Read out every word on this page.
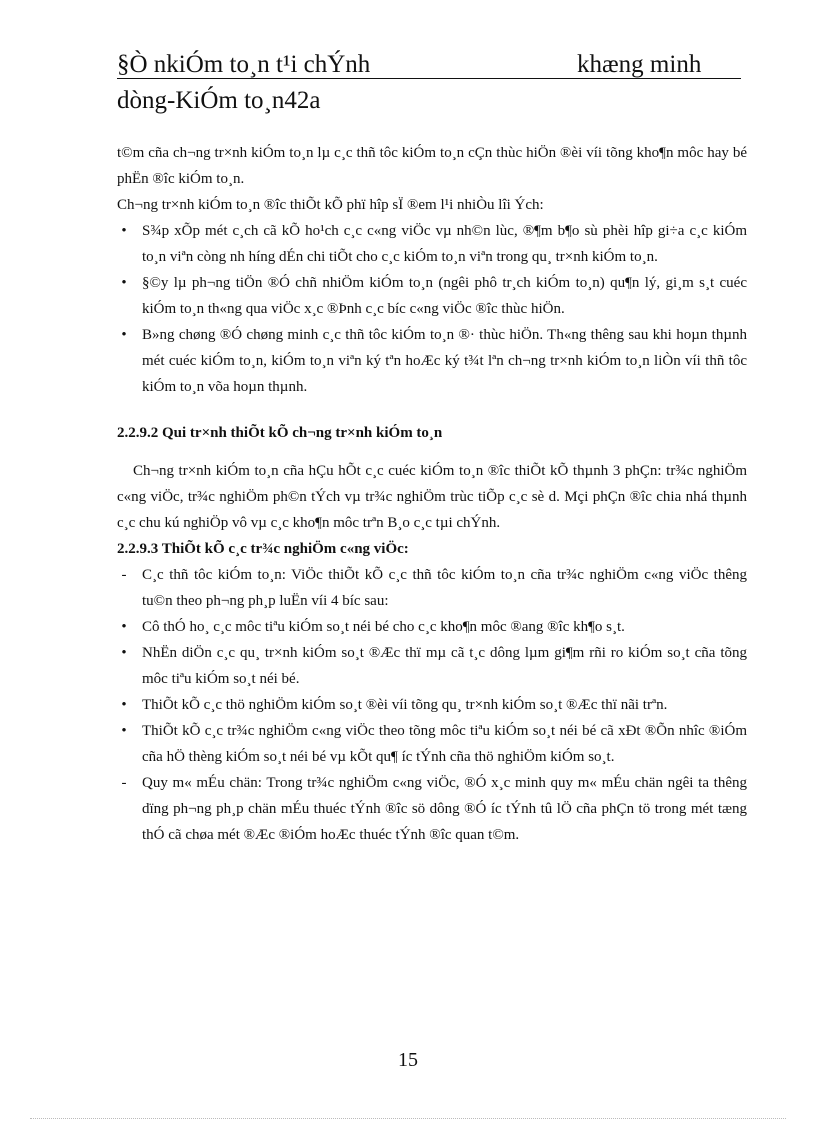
§Ò nkiÓm to¸n t¹i chÝnh	khæng minh
dòng-KiÓm to¸n42a

t©m cña ch¬ng tr×nh kiÓm to¸n lµ c¸c thñ tôc kiÓm to¸n cÇn thùc hiÖn ®èi víi tõng kho¶n môc hay bé phËn ®îc kiÓm to¸n.

Ch¬ng tr×nh kiÓm to¸n ®îc thiÕt kÕ phï hîp sÏ ®em l¹i nhiÒu lîi Ých:

• S¾p xÕp mét c¸ch cã kÕ ho¹ch c¸c c«ng viÖc vµ nh©n lùc, ®¶m b¶o sù phèi hîp gi÷a c¸c kiÓm to¸n viªn còng nh híng dÉn chi tiÕt cho c¸c kiÓm to¸n viªn trong qu¸ tr×nh kiÓm to¸n.
• §©y lµ ph¬ng tiÖn ®Ó chñ nhiÖm kiÓm to¸n (ngêi phô tr¸ch kiÓm to¸n) qu¶n lý, gi¸m s¸t cuéc kiÓm to¸n th«ng qua viÖc x¸c ®Þnh c¸c bíc c«ng viÖc ®îc thùc hiÖn.
• B»ng chøng ®Ó chøng minh c¸c thñ tôc kiÓm to¸n ®· thùc hiÖn. Th«ng thêng sau khi hoµn thµnh mét cuéc kiÓm to¸n, kiÓm to¸n viªn ký tªn hoÆc ký t¾t lªn ch¬ng tr×nh kiÓm to¸n liÒn víi thñ tôc kiÓm to¸n võa hoµn thµnh.

2.2.9.2 Qui tr×nh thiÕt kÕ ch¬ng tr×nh kiÓm to¸n

Ch¬ng tr×nh kiÓm to¸n cña hÇu hÕt c¸c cuéc kiÓm to¸n ®îc thiÕt kÕ thµnh 3 phÇn: tr¾c nghiÖm c«ng viÖc, tr¾c nghiÖm ph©n tÝch vµ tr¾c nghiÖm trùc tiÕp c¸c sè d. Mçi phÇn ®îc chia nhá thµnh c¸c chu kú nghiÖp vô vµ c¸c kho¶n môc trªn B¸o c¸c tµi chÝnh.

2.2.9.3 ThiÕt kÕ c¸c tr¾c nghiÖm c«ng viÖc:

-	C¸c thñ tôc kiÓm to¸n: ViÖc thiÕt kÕ c¸c thñ tôc kiÓm to¸n cña tr¾c nghiÖm c«ng viÖc thêng tu©n theo ph¬ng ph¸p luËn víi 4 bíc sau:
• Cô thÓ ho¸ c¸c môc tiªu kiÓm so¸t néi bé cho c¸c kho¶n môc ®ang ®îc kh¶o s¸t.
• NhËn diÖn c¸c qu¸ tr×nh kiÓm so¸t ®Æc thï mµ cã t¸c dông lµm gi¶m rñi ro kiÓm so¸t cña tõng môc tiªu kiÓm so¸t néi bé.
• ThiÕt kÕ c¸c thö nghiÖm kiÓm so¸t ®èi víi tõng qu¸ tr×nh kiÓm so¸t ®Æc thï nãi trªn.
• ThiÕt kÕ c¸c tr¾c nghiÖm c«ng viÖc theo tõng môc tiªu kiÓm so¸t néi bé cã xÐt ®Õn nhîc ®iÓm cña hÖ thèng kiÓm so¸t néi bé vµ kÕt qu¶ íc tÝnh cña thö nghiÖm kiÓm so¸t.
-	Quy m« mÉu chän: Trong tr¾c nghiÖm c«ng viÖc, ®Ó x¸c minh quy m« mÉu chän ngêi ta thêng dïng ph¬ng ph¸p chän mÉu thuéc tÝnh ®îc sö dông ®Ó íc tÝnh tû lÖ cña phÇn tö trong mét tæng thÓ cã chøa mét ®Æc ®iÓm hoÆc thuéc tÝnh ®îc quan t©m.
15
